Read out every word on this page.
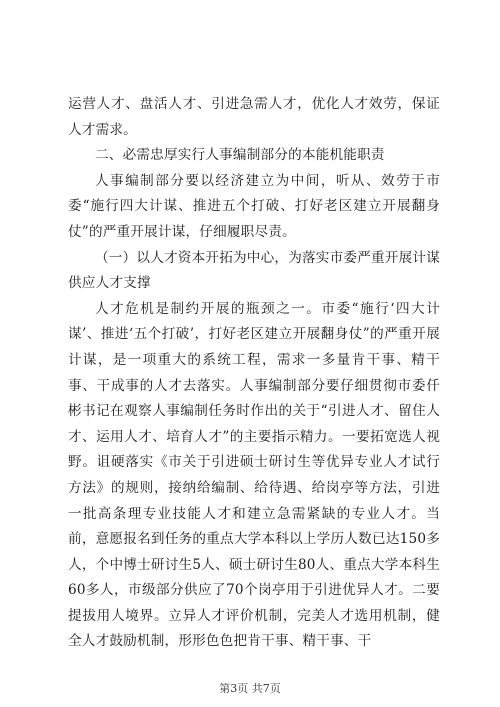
运营人才、盘活人才、引进急需人才，优化人才效劳，保证人才需求。

二、必需忠厚实行人事编制部分的本能机能职责

人事编制部分要以经济建立为中间，听从、效劳于市委“施行四大计谋、推进五个打破、打好老区建立开展翻身仗”的严重开展计谋，仔细履职尽责。

（一）以人才资本开拓为中心，为落实市委严重开展计谋供应人才支撑

人才危机是制约开展的瓶颈之一。市委“施行‘四大计谋’、推进‘五个打破’，打好老区建立开展翻身仗”的严重开展计谋，是一项重大的系统工程，需求一多量肯干事、精干事、干成事的人才去落实。人事编制部分要仔细贯彻市委仟彬书记在观察人事编制任务时作出的关于“引进人才、留住人才、运用人才、培育人才”的主要指示精力。一要拓宽选人视野。诅硬落实《市关于引进硕士研讨生等优异专业人才试行方法》的规则，接纳给编制、给待遇、给岗亭等方法，引进一批高条理专业技能人才和建立急需紧缺的专业人才。当前，意愿报名到任务的重点大学本科以上学历人数已达150多人，个中博士研讨生5人、硕士研讨生80人、重点大学本科生60多人，市级部分供应了70个岗亭用于引进优异人才。二要提拔用人境界。立异人才评价机制，完美人才选用机制，健全人才鼓励机制，形形色色把肯干事、精干事、干

第3页 共7页
